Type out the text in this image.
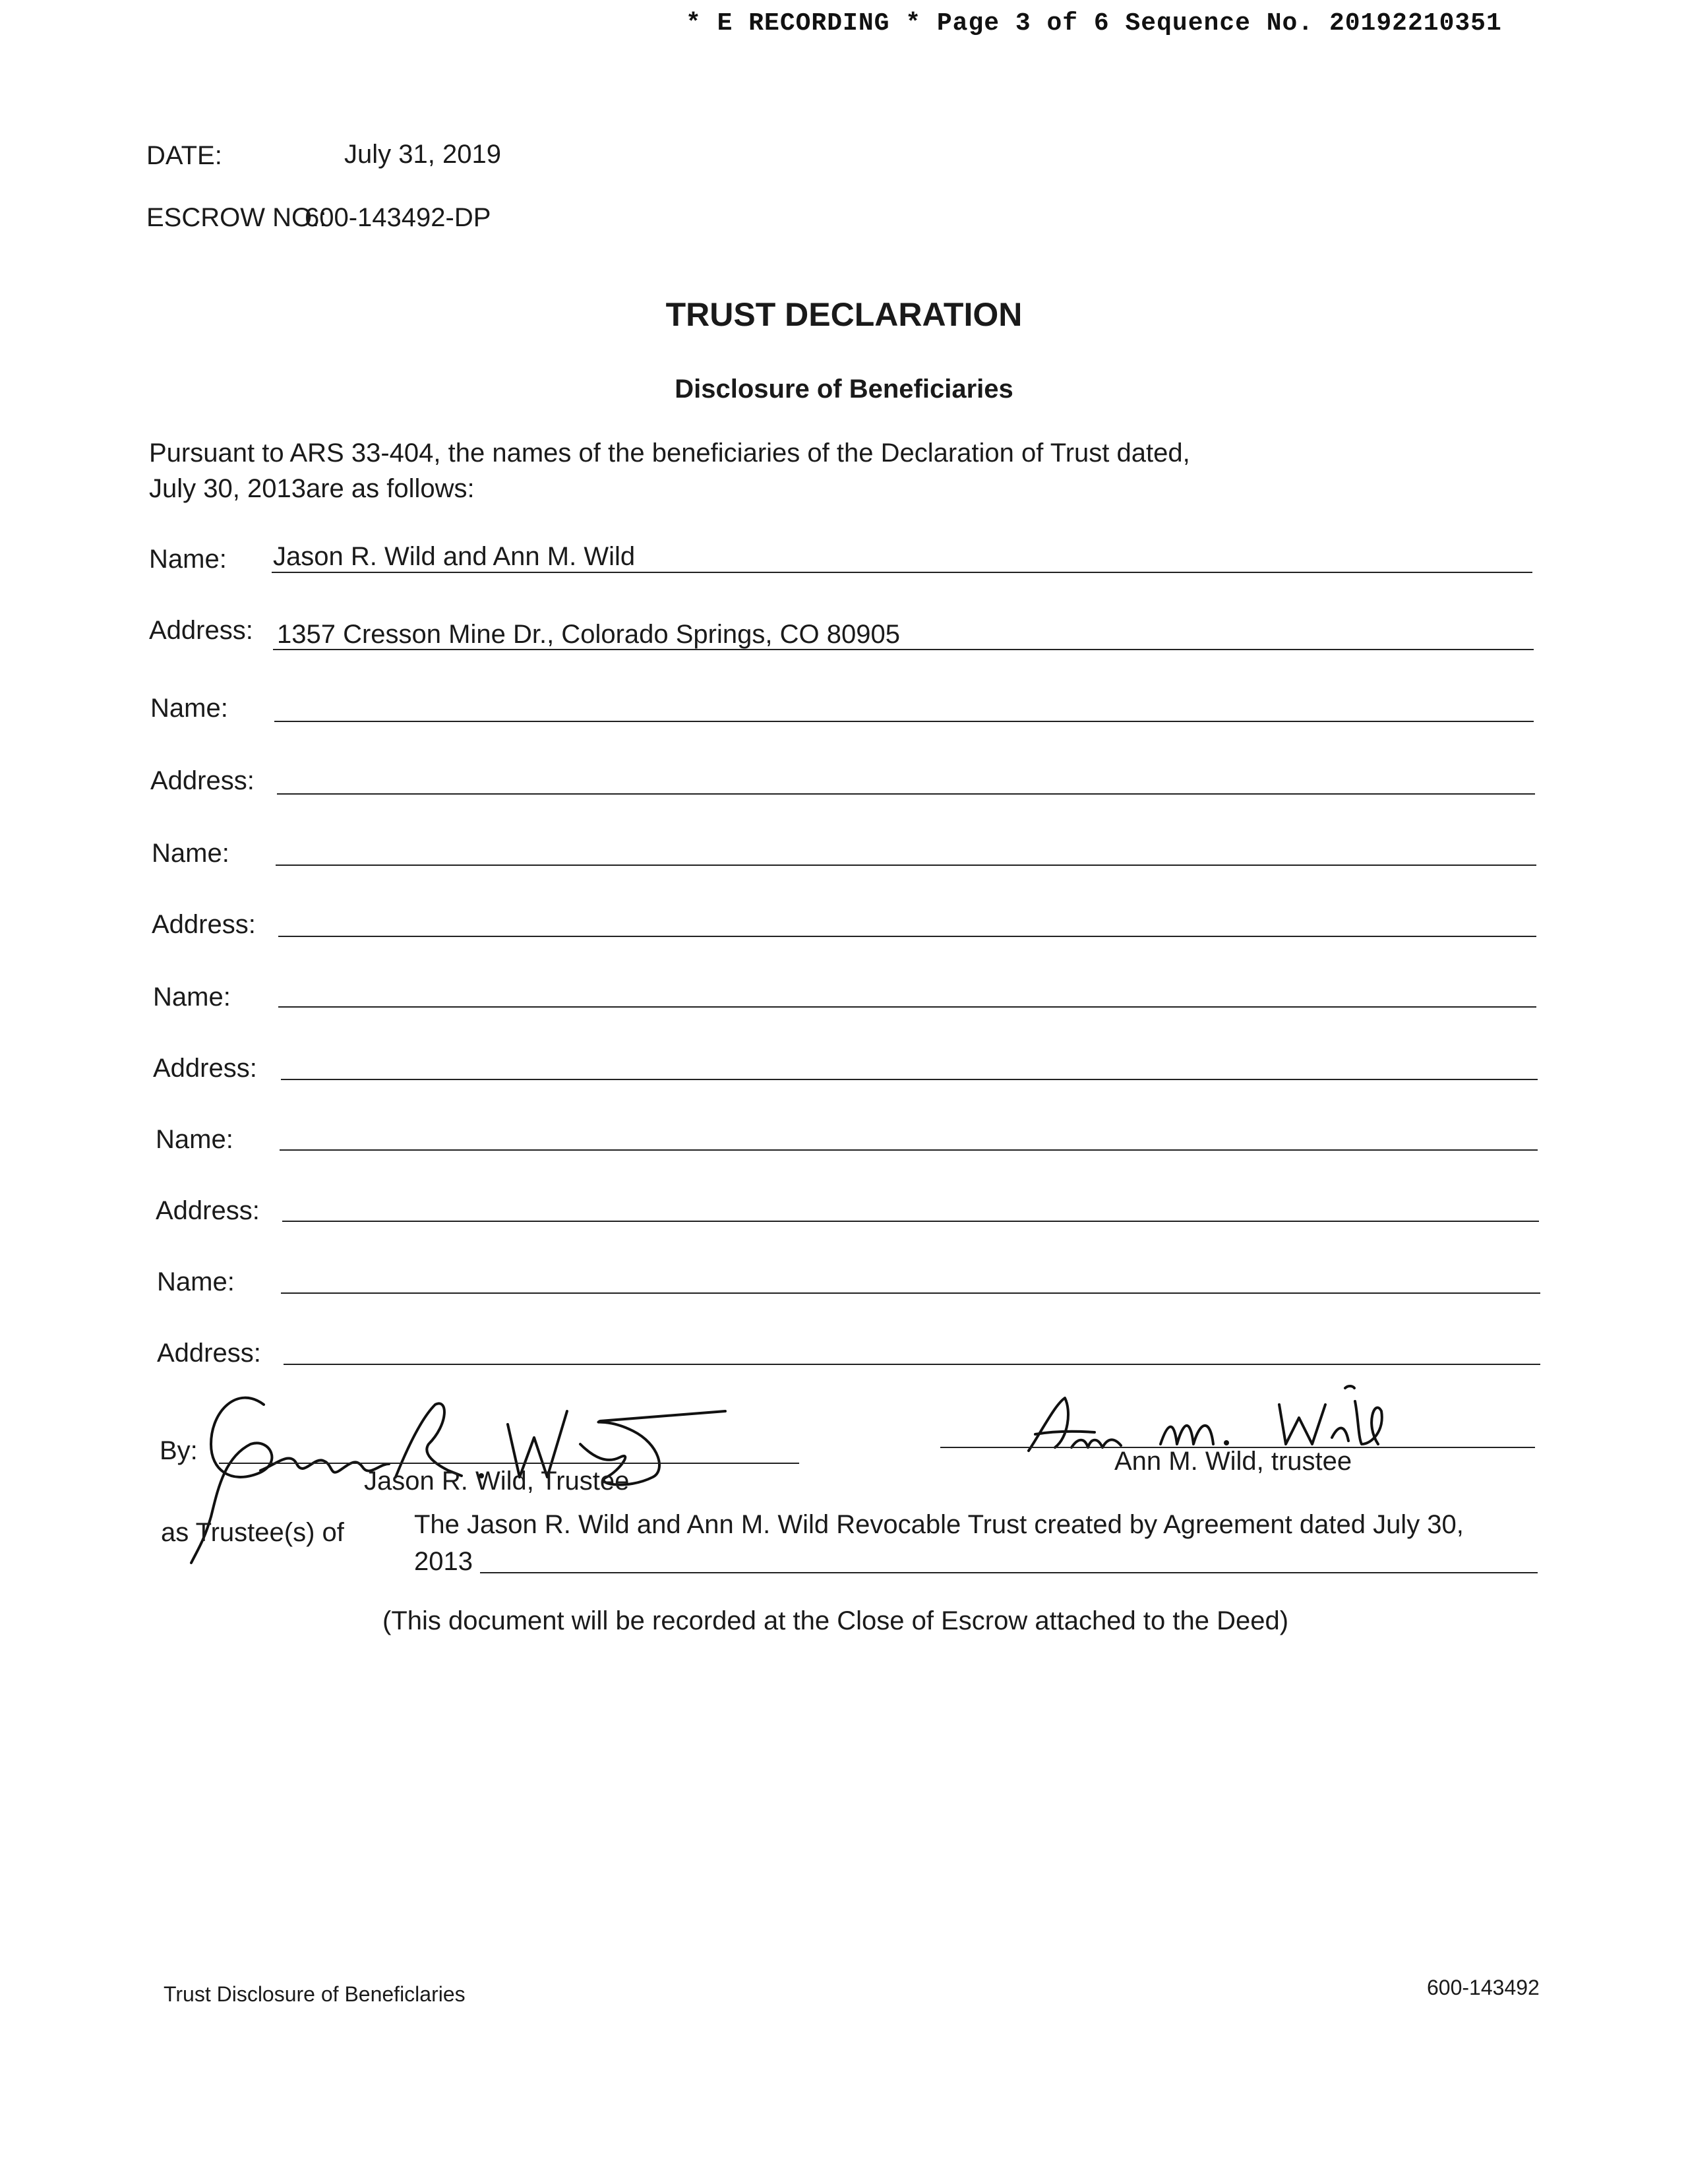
* E RECORDING * Page 3 of 6 Sequence No. 20192210351
DATE:	July 31, 2019
ESCROW NO.:
600-143492-DP
TRUST DECLARATION
Disclosure of Beneficiaries
Pursuant to ARS 33-404, the names of the beneficiaries of the Declaration of Trust dated,
July 30, 2013are as follows:
Name: Jason R. Wild and Ann M. Wild
Address: 1357 Cresson Mine Dr., Colorado Springs, CO 80905
Name:
Address:
Name:
Address:
Name:
Address:
Name:
Address:
Name:
Address:
By:
Jason R. Wild, Trustee
Ann M. Wild, trustee
as Trustee(s) of	The Jason R. Wild and Ann M. Wild Revocable Trust created by Agreement dated July 30,
2013
(This document will be recorded at the Close of Escrow attached to the Deed)
Trust Disclosure of Beneficlaries	600-143492
